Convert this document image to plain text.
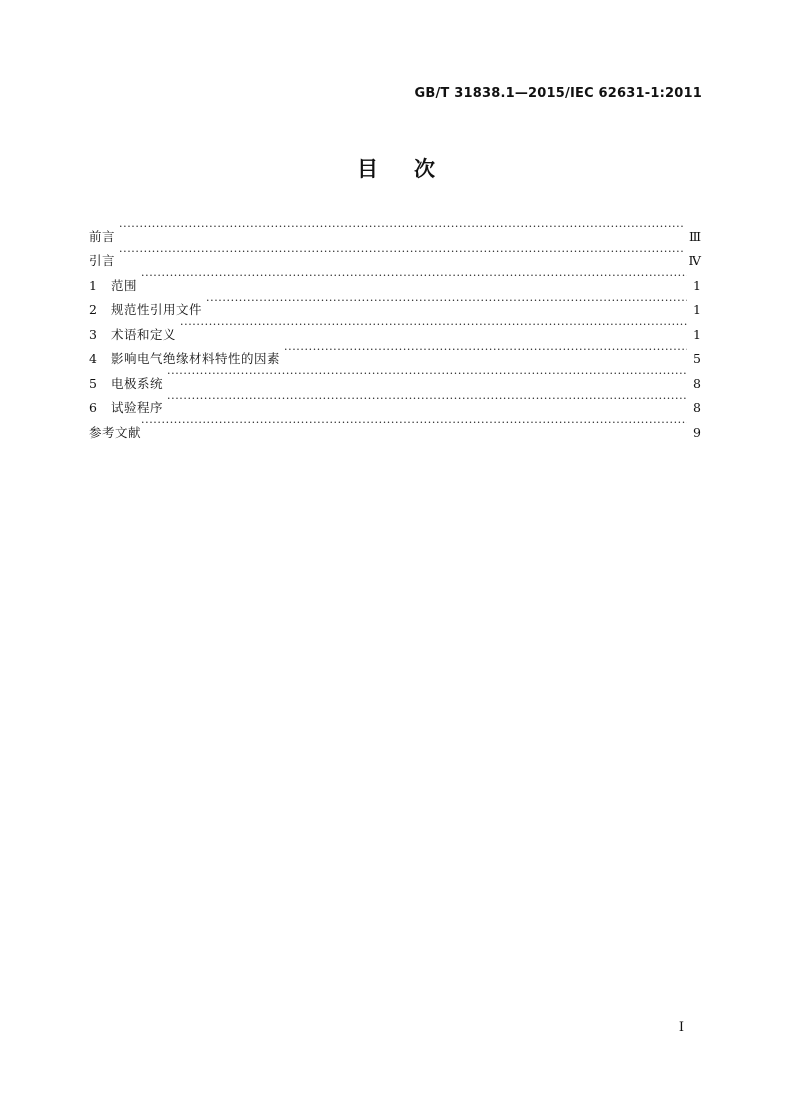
GB/T 31838.1—2015/IEC 62631-1:2011
目 次
前言 ·····	Ⅲ
引言 ·····	Ⅳ
1	范围 ·····	1
2	规范性引用文件 ·····	1
3	术语和定义 ·····	1
4	影响电气绝缘材料特性的因素 ·····	5
5	电极系统 ·····	8
6	试验程序 ·····	8
参考文献 ·····	9
Ⅰ
